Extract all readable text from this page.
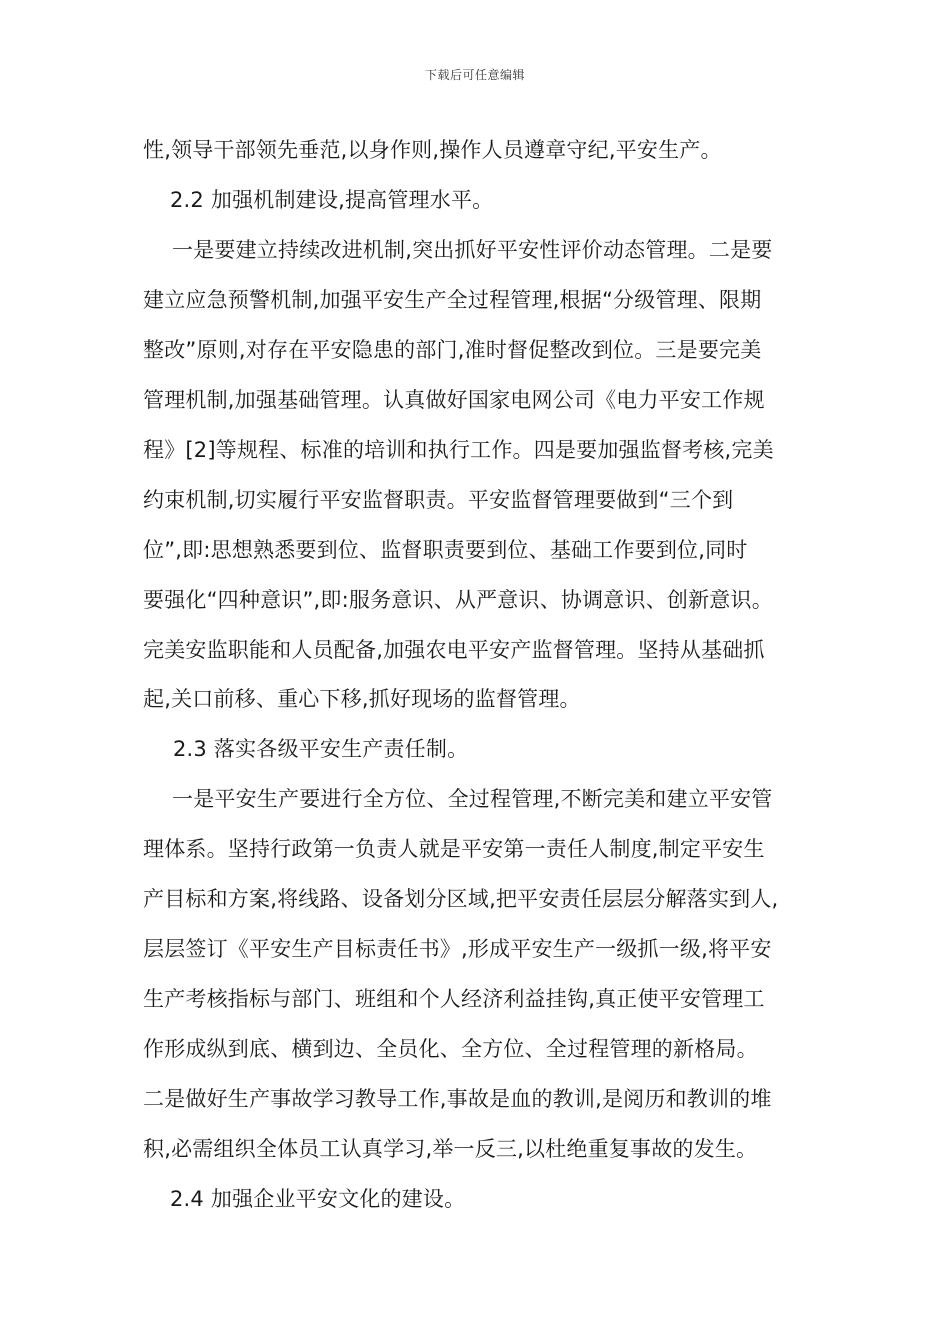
下载后可任意编辑
性,领导干部领先垂范,以身作则,操作人员遵章守纪,平安生产。
2.2 加强机制建设,提高管理水平。
一是要建立持续改进机制,突出抓好平安性评价动态管理。二是要
建立应急预警机制,加强平安生产全过程管理,根据“分级管理、限期
整改”原则,对存在平安隐患的部门,准时督促整改到位。三是要完美
管理机制,加强基础管理。认真做好国家电网公司《电力平安工作规
程》[2]等规程、标准的培训和执行工作。四是要加强监督考核,完美
约束机制,切实履行平安监督职责。平安监督管理要做到“三个到
位”,即:思想熟悉要到位、监督职责要到位、基础工作要到位,同时
要强化“四种意识”,即:服务意识、从严意识、协调意识、创新意识。
完美安监职能和人员配备,加强农电平安产监督管理。坚持从基础抓
起,关口前移、重心下移,抓好现场的监督管理。
2.3 落实各级平安生产责任制。
一是平安生产要进行全方位、全过程管理,不断完美和建立平安管
理体系。坚持行政第一负责人就是平安第一责任人制度,制定平安生
产目标和方案,将线路、设备划分区域,把平安责任层层分解落实到人,
层层签订《平安生产目标责任书》,形成平安生产一级抓一级,将平安
生产考核指标与部门、班组和个人经济利益挂钩,真正使平安管理工
作形成纵到底、横到边、全员化、全方位、全过程管理的新格局。
二是做好生产事故学习教导工作,事故是血的教训,是阅历和教训的堆
积,必需组织全体员工认真学习,举一反三,以杜绝重复事故的发生。
2.4 加强企业平安文化的建设。
